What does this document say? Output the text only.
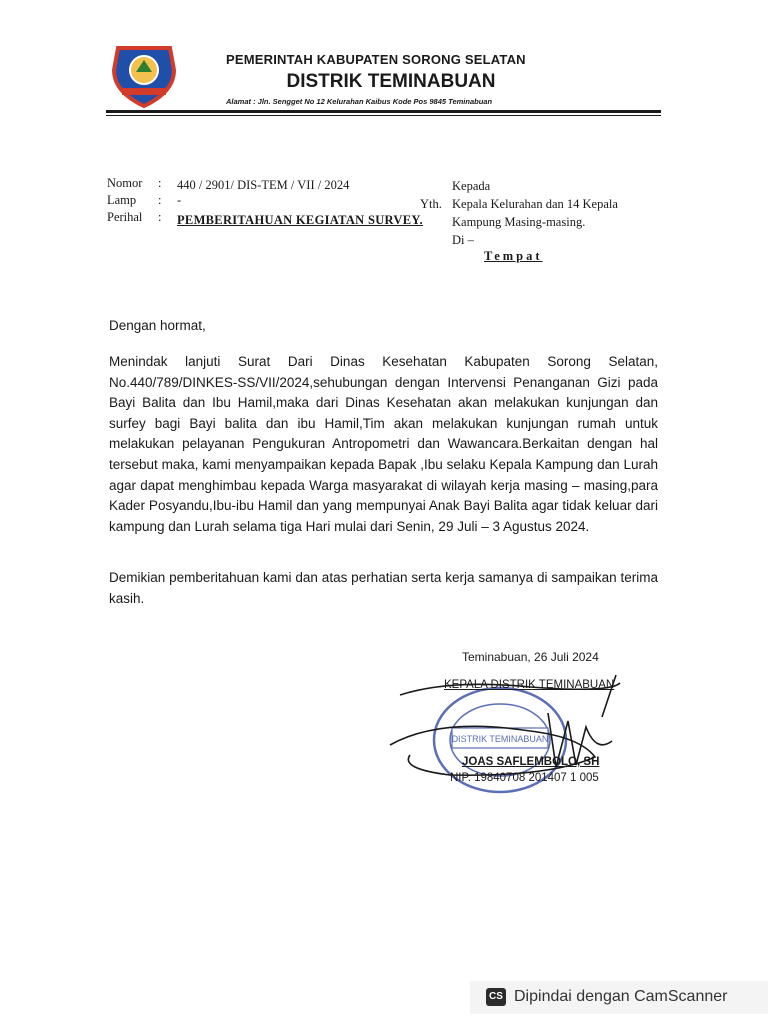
PEMERINTAH KABUPATEN SORONG SELATAN
DISTRIK TEMINABUAN
Alamat : Jln. Sengget No 12 Kelurahan Kaibus Kode Pos 9845 Teminabuan
Nomor : 440 / 2901/ DIS-TEM / VII / 2024
Lamp : -
Perihal : PEMBERITAHUAN KEGIATAN SURVEY.
Kepada
Yth. Kepala Kelurahan dan 14 Kepala
Kampung Masing-masing.
Di –
Tempat
Dengan hormat,
Menindak lanjuti Surat Dari Dinas Kesehatan Kabupaten Sorong Selatan, No.440/789/DINKES-SS/VII/2024,sehubungan dengan Intervensi Penanganan Gizi pada Bayi Balita dan Ibu Hamil,maka dari Dinas Kesehatan akan melakukan kunjungan dan surfey bagi Bayi balita dan ibu Hamil,Tim akan melakukan kunjungan rumah untuk melakukan pelayanan Pengukuran Antropometri dan Wawancara.Berkaitan dengan hal tersebut maka, kami menyampaikan kepada Bapak ,Ibu selaku Kepala Kampung dan Lurah agar dapat menghimbau kepada Warga masyarakat di wilayah kerja masing – masing,para Kader Posyandu,Ibu-ibu Hamil dan yang mempunyai Anak Bayi Balita agar tidak keluar dari kampung dan Lurah selama tiga Hari mulai dari Senin, 29 Juli – 3 Agustus 2024.
Demikian pemberitahuan kami dan atas perhatian serta kerja samanya di sampaikan terima kasih.
DISTRIK TEMINABUAN
Teminabuan, 26 Juli 2024
KEPALA DISTRIK TEMINABUAN
JOAS SAFLEMBOLO, SH
NIP. 19840708 201407 1 005
CS Dipindai dengan CamScanner
